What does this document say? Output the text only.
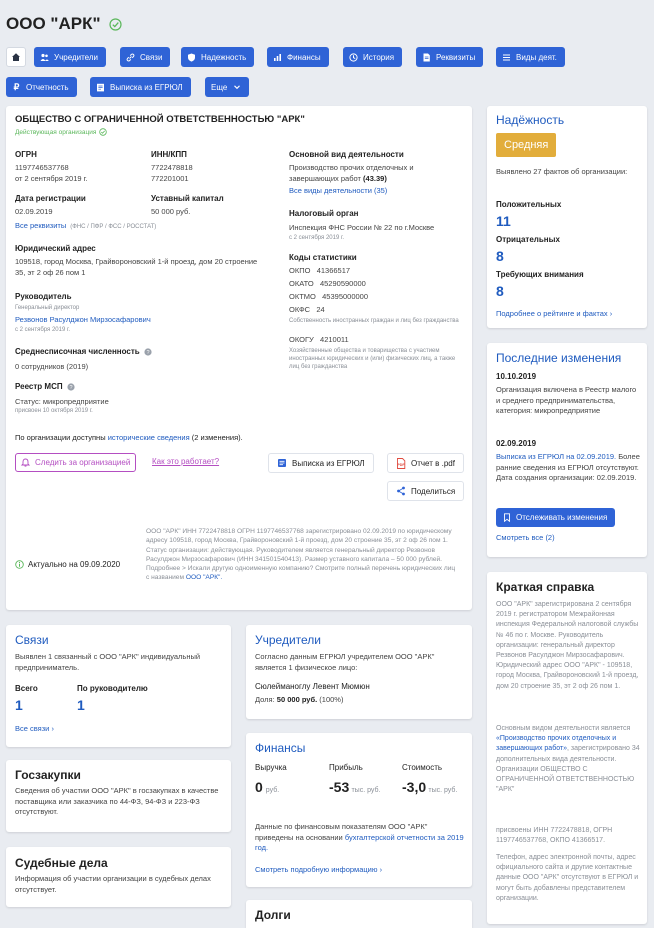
ООО "АРК"
Учредители	Связи	Надежность	Финансы	История	Реквизиты	Виды деят.
₽ Отчетность	Выписка из ЕГРЮЛ	Еще
ОБЩЕСТВО С ОГРАНИЧЕННОЙ ОТВЕТСТВЕННОСТЬЮ "АРК"
Действующая организация
ОГРН
1197746537768
от 2 сентября 2019 г.
ИНН/КПП
7722478818
772201001
Дата регистрации
02.09.2019
Уставный капитал
50 000 руб.
Все реквизиты (ФНС / ПФР / ФСС / РОССТАТ)
Юридический адрес
109518, город Москва, Грайвороновский 1-й проезд, дом 20 строение 35, эт 2 оф 26 пом 1
Руководитель
Генеральный директор
Резвонов Расулджон Мирзосафарович
с 2 сентября 2019 г.
Среднесписочная численность ?
0 сотрудников (2019)
Реестр МСП ?
Статус: микропредприятие
присвоен 10 октября 2019 г.
Основной вид деятельности
Производство прочих отделочных и завершающих работ (43.39)
Все виды деятельности (35)
Налоговый орган
Инспекция ФНС России № 22 по г.Москве
с 2 сентября 2019 г.
Коды статистики
ОКПО 41366517
ОКАТО 45290590000
ОКТМО 45395000000
ОКФС 24
Собственность иностранных граждан и лиц без гражданства
ОКОГУ 4210011
Хозяйственные общества и товарищества с участием иностранных юридических и (или) физических лиц, а также лиц без гражданства
По организации доступны исторические сведения (2 изменения).
Следить за организацией	Как это работает?	Выписка из ЕГРЮЛ	PDF Отчет в .pdf
Поделиться
Актуально на 09.09.2020
ООО "АРК" ИНН 7722478818 ОГРН 1197746537768 зарегистрировано 02.09.2019 по юридическому адресу 109518, город Москва, Грайвороновский 1-й проезд, дом 20 строение 35, эт 2 оф 26 пом 1. Статус организации: действующая. Руководителем является генеральный директор Резвонов Расулджон Мирзосафарович (ИНН 341501540413). Размер уставного капитала – 50 000 рублей. Подробнее > Искали другую одноименную компанию? Смотрите полный перечень юридических лиц с названием ООО "АРК".
Надёжность
Средняя
Выявлено 27 фактов об организации:
Положительных
11
Отрицательных
8
Требующих внимания
8
Подробнее о рейтинге и фактах ›
Последние изменения
10.10.2019
Организация включена в Реестр малого и среднего предпринимательства, категория: микропредприятие
02.09.2019
Выписка из ЕГРЮЛ на 02.09.2019. Более ранние сведения из ЕГРЮЛ отсутствуют. Дата создания организации: 02.09.2019.
Отслеживать изменения
Смотреть все (2)
Краткая справка
ООО "АРК" зарегистрирована 2 сентября 2019 г. регистратором Межрайонная инспекция Федеральной налоговой службы № 46 по г. Москве. Руководитель организации: генеральный директор Резвонов Расулджон Мирзосафарович. Юридический адрес ООО "АРК" - 109518, город Москва, Грайвороновский 1-й проезд, дом 20 строение 35, эт 2 оф 26 пом 1.
Основным видом деятельности является «Производство прочих отделочных и завершающих работ», зарегистрировано 34 дополнительных вида деятельности. Организации ОБЩЕСТВО С ОГРАНИЧЕННОЙ ОТВЕТСТВЕННОСТЬЮ "АРК"
присвоены ИНН 7722478818, ОГРН 1197746537768, ОКПО 41366517.
Телефон, адрес электронной почты, адрес официального сайта и другие контактные данные ООО "АРК" отсутствуют в ЕГРЮЛ и могут быть добавлены представителем организации.
Связи
Выявлен 1 связанный с ООО "АРК" индивидуальный предприниматель.
Всего
1
По руководителю
1
Все связи ›
Госзакупки
Сведения об участии ООО "АРК" в госзакупках в качестве поставщика или заказчика по 44-ФЗ, 94-ФЗ и 223-ФЗ отсутствуют.
Судебные дела
Информация об участии организации в судебных делах отсутствует.
Учредители
Согласно данным ЕГРЮЛ учредителем ООО "АРК" является 1 физическое лицо:
Сюлейманоглу Левент Мюмюн
Доля: 50 000 руб. (100%)
Финансы
Выручка
0 руб.
Прибыль
-53 тыс. руб.
Стоимость
-3,0 тыс. руб.
Данные по финансовым показателям ООО "АРК" приведены на основании бухгалтерской отчетности за 2019 год.
Смотреть подробную информацию ›
Долги
